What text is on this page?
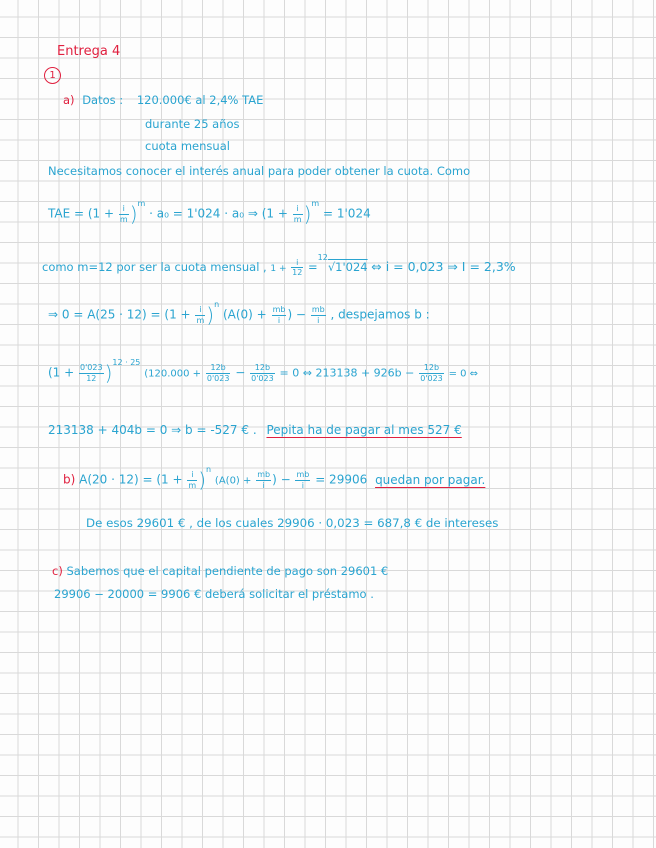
Entrega 4
1
a) Datos : 120.000€ al 2,4% TAE
durante 25 años
cuota mensual
Necesitamos conocer el interés anual para poder obtener la cuota. Como
TAE = $(1 + \frac{i}{m} )^m \cdot a_0 = 1'024 \cdot a_0$ ⇒ $(1 + \frac{i}{m} )^m = 1'024$
como m=12 por ser la cuota mensual , $1 + \frac{i}{12} =^{12}√1'024$ ⇔ i = 0,023 ⇒ I = 2,3%
⇒ $0 = A(25 \cdot 12) = (1 + \frac{i}{m} )^n$ ($A(0) + \frac{mb}{i}$ ) − $\frac{mb}{i}$ , despejamos b :
$(1 + \frac{0'023}{12} )^{12 \cdot 25}$ ($120.000 + \frac{12b}{0'023} - \frac{12b}{0'023} = 0$ ⇔ $213138 + 926b - \frac{12b}{0'023} = 0$ ⇔
213138 + 404b = 0 ⇒ b = -527 € . Pepita ha de pagar al mes 527 €
b) $A(20 \cdot 12) = (1 + \frac{i}{m} )^n$ ($A(0) + \frac{mb}{i}$ ) − $\frac{mb}{i} = 29906$ quedan por pagar.
De esos 29601 € , de los cuales 29906 · 0,023 = 687,8 € de intereses
c) Sabemos que el capital pendiente de pago son 29601 €
29906 − 20000 = 9906 € deberá solicitar el préstamo .
